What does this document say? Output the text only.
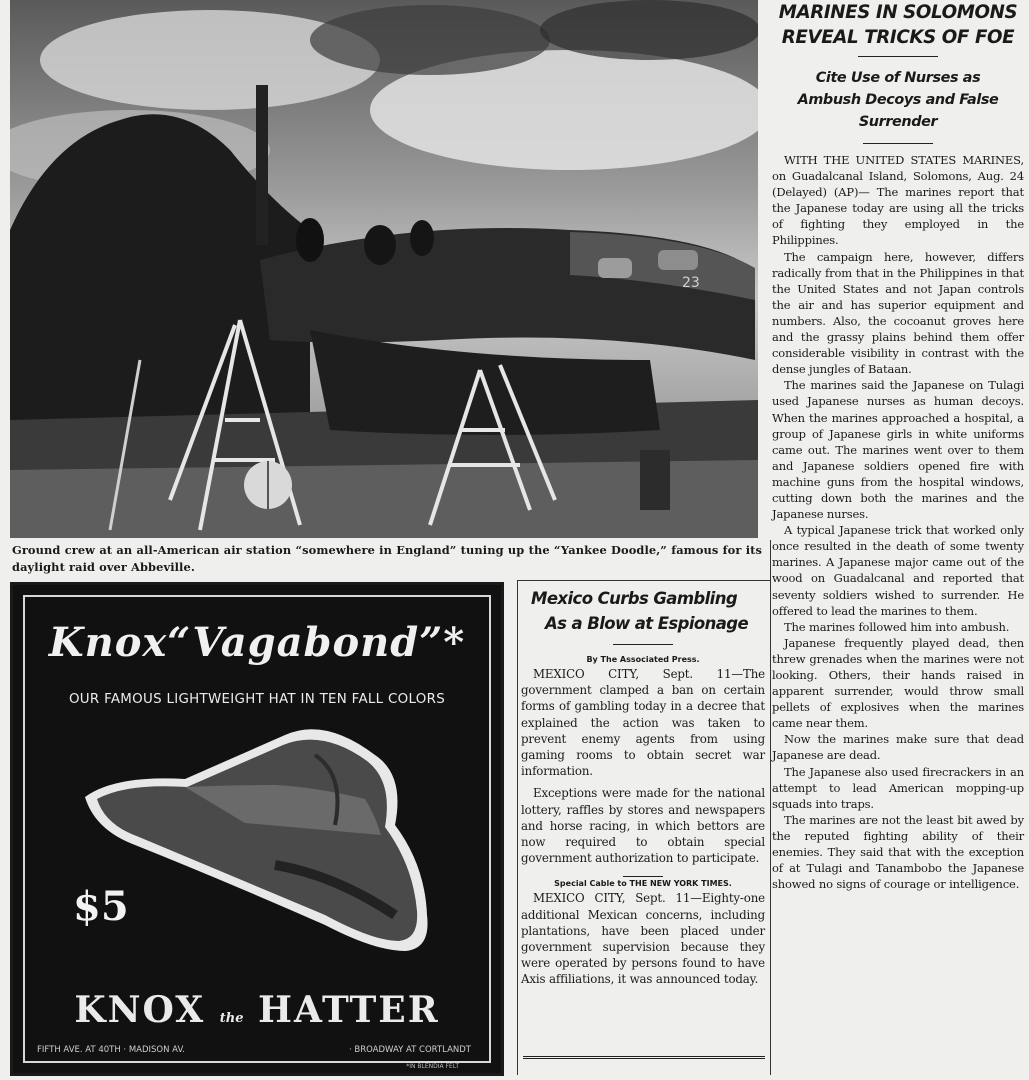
23
Ground crew at an all-American air station “somewhere in England” tuning up the “Yankee Doodle,” famous for its daylight raid over Abbeville.
MARINES IN SOLOMONS REVEAL TRICKS OF FOE
Cite Use of Nurses as Ambush Decoys and False Surrender

WITH THE UNITED STATES MARINES, on Guadalcanal Island, Solomons, Aug. 24 (Delayed) (AP)— The marines report that the Japanese today are using all the tricks of fighting they employed in the Philippines.

The campaign here, however, differs radically from that in the Philippines in that the United States and not Japan controls the air and has superior equipment and numbers. Also, the cocoanut groves here and the grassy plains behind them offer considerable visibility in contrast with the dense jungles of Bataan.

The marines said the Japanese on Tulagi used Japanese nurses as human decoys. When the marines approached a hospital, a group of Japanese girls in white uniforms came out. The marines went over to them and Japanese soldiers opened fire with machine guns from the hospital windows, cutting down both the marines and the Japanese nurses.

A typical Japanese trick that worked only once resulted in the death of some twenty marines. A Japanese major came out of the wood on Guadalcanal and reported that seventy soldiers wished to surrender. He offered to lead the marines to them.

The marines followed him into ambush.

Japanese frequently played dead, then threw grenades when the marines were not looking. Others, their hands raised in apparent surrender, would throw small pellets of explosives when the marines came near them.

Now the marines make sure that dead Japanese are dead.

The Japanese also used firecrackers in an attempt to lead American mopping-up squads into traps.

The marines are not the least bit awed by the reputed fighting ability of their enemies. They said that with the exception of at Tulagi and Tanambobo the Japanese showed no signs of courage or intelligence.

Mexico Curbs Gambling
As a Blow at Espionage
By The Associated Press.

MEXICO CITY, Sept. 11—The government clamped a ban on certain forms of gambling today in a decree that explained the action was taken to prevent enemy agents from using gaming rooms to obtain secret war information.

Exceptions were made for the national lottery, raffles by stores and newspapers and horse racing, in which bettors are now required to obtain special government authorization to participate.

Special Cable to THE NEW YORK TIMES.

MEXICO CITY, Sept. 11—Eighty-one additional Mexican concerns, including plantations, have been placed under government supervision because they were operated by persons found to have Axis affiliations, it was announced today.

Knox“Vagabond”*
OUR FAMOUS LIGHTWEIGHT HAT IN TEN FALL COLORS
$5
KNOX the HATTER
FIFTH AVE. AT 40TH · MADISON AV.	· BROADWAY AT CORTLANDT
*IN BLENDIA FELT
